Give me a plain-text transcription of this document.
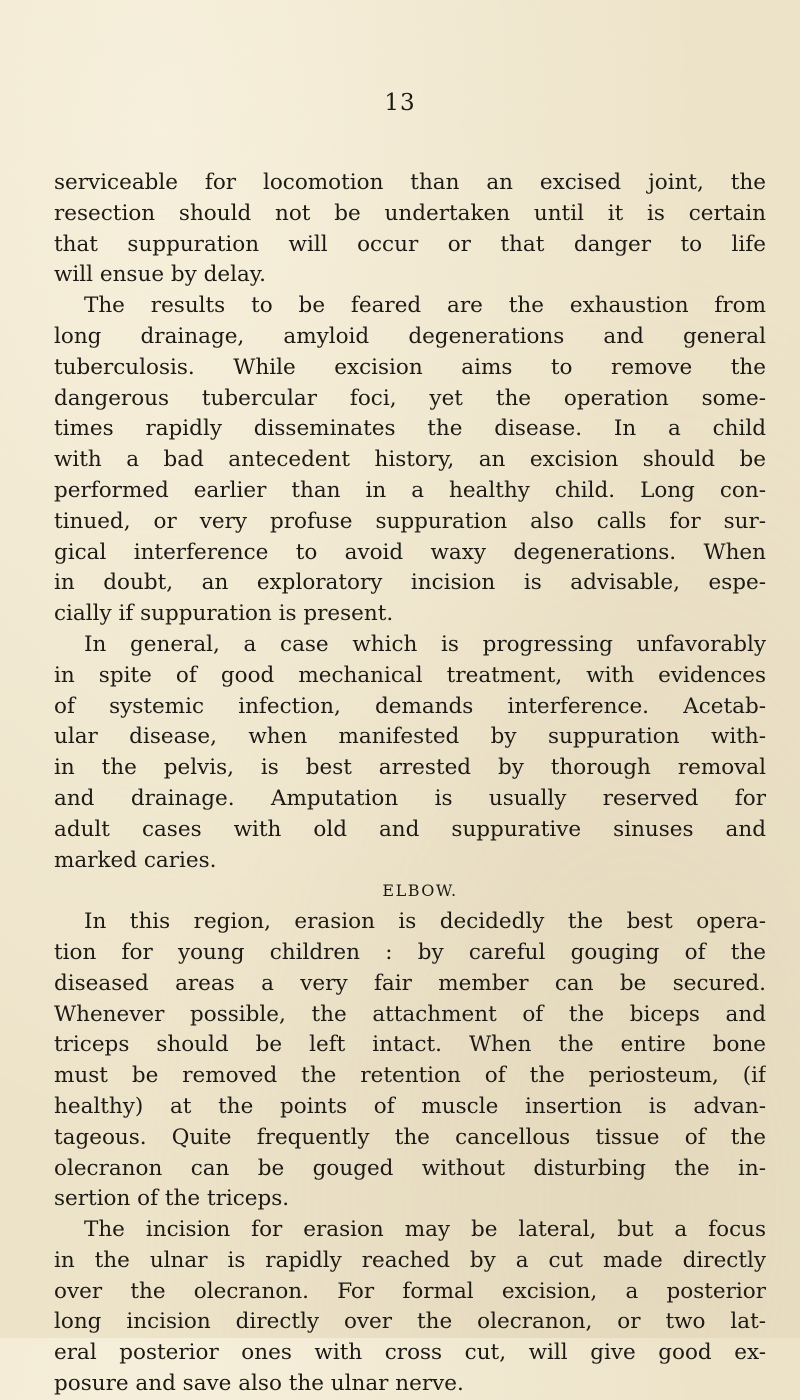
13
serviceable for locomotion than an excised joint, the
resection should not be undertaken until it is certain
that suppuration will occur or that danger to life
will ensue by delay.
The results to be feared are the exhaustion from
long drainage, amyloid degenerations and general
tuberculosis. While excision aims to remove the
dangerous tubercular foci, yet the operation some-
times rapidly disseminates the disease. In a child
with a bad antecedent history, an excision should be
performed earlier than in a healthy child. Long con-
tinued, or very profuse suppuration also calls for sur-
gical interference to avoid waxy degenerations. When
in doubt, an exploratory incision is advisable, espe-
cially if suppuration is present.
In general, a case which is progressing unfavorably
in spite of good mechanical treatment, with evidences
of systemic infection, demands interference. Acetab-
ular disease, when manifested by suppuration with-
in the pelvis, is best arrested by thorough removal
and drainage. Amputation is usually reserved for
adult cases with old and suppurative sinuses and
marked caries.
ELBOW.
In this region, erasion is decidedly the best opera-
tion for young children : by careful gouging of the
diseased areas a very fair member can be secured.
Whenever possible, the attachment of the biceps and
triceps should be left intact. When the entire bone
must be removed the retention of the periosteum, (if
healthy) at the points of muscle insertion is advan-
tageous. Quite frequently the cancellous tissue of the
olecranon can be gouged without disturbing the in-
sertion of the triceps.
The incision for erasion may be lateral, but a focus
in the ulnar is rapidly reached by a cut made directly
over the olecranon. For formal excision, a posterior
long incision directly over the olecranon, or two lat-
eral posterior ones with cross cut, will give good ex-
posure and save also the ulnar nerve.
